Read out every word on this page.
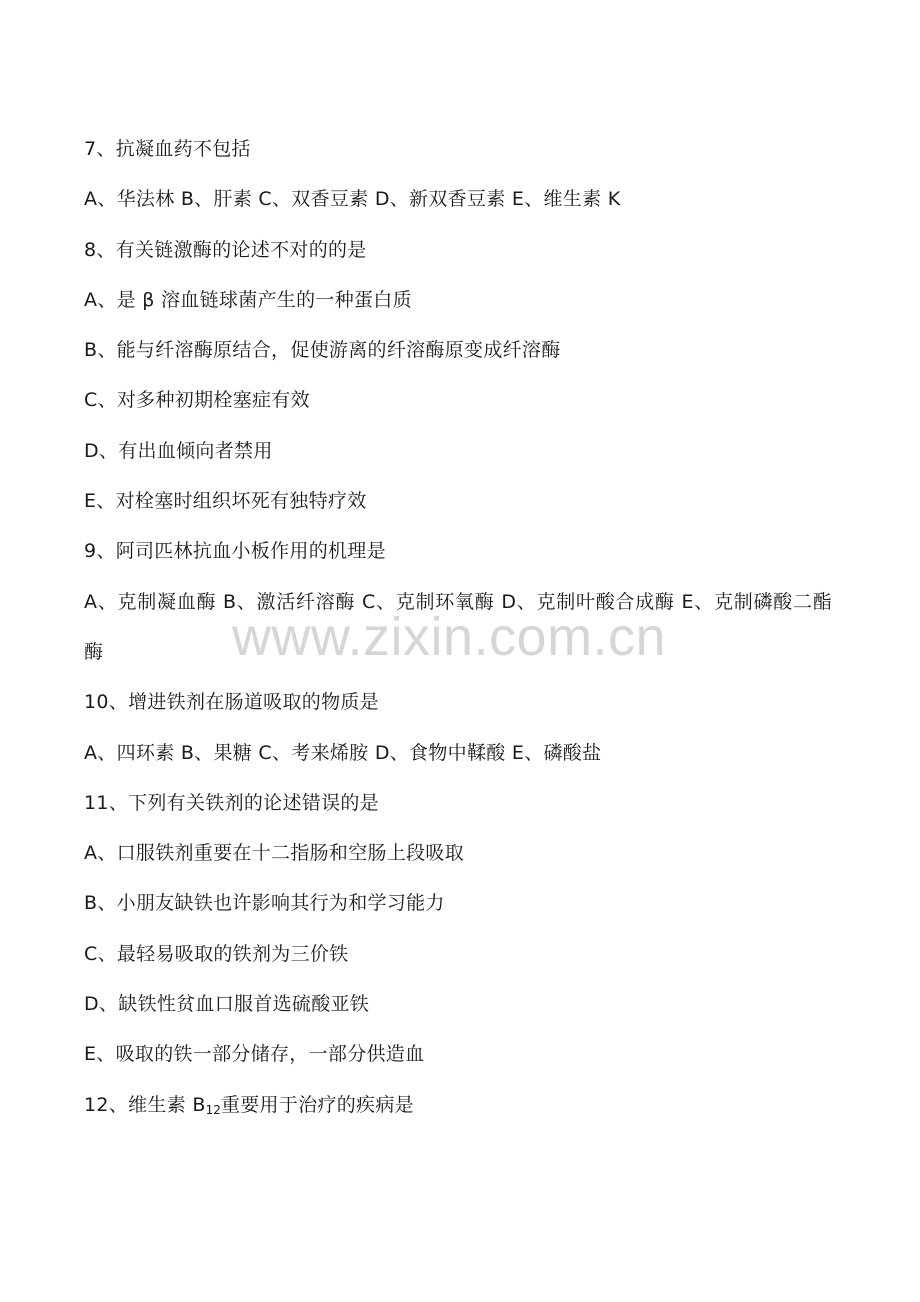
7、抗凝血药不包括
A、华法林 B、肝素 C、双香豆素 D、新双香豆素 E、维生素 K
8、有关链激酶的论述不对的的是
A、是 β 溶血链球菌产生的一种蛋白质
B、能与纤溶酶原结合，促使游离的纤溶酶原变成纤溶酶
C、对多种初期栓塞症有效
D、有出血倾向者禁用
E、对栓塞时组织坏死有独特疗效
9、阿司匹林抗血小板作用的机理是
A、克制凝血酶 B、激活纤溶酶 C、克制环氧酶 D、克制叶酸合成酶 E、克制磷酸二酯酶
10、增进铁剂在肠道吸取的物质是
A、四环素 B、果糖 C、考来烯胺 D、食物中鞣酸 E、磷酸盐
11、下列有关铁剂的论述错误的是
A、口服铁剂重要在十二指肠和空肠上段吸取
B、小朋友缺铁也许影响其行为和学习能力
C、最轻易吸取的铁剂为三价铁
D、缺铁性贫血口服首选硫酸亚铁
E、吸取的铁一部分储存，一部分供造血
12、维生素 $B_{12}$重要用于治疗的疾病是
www.zixin.com.cn
